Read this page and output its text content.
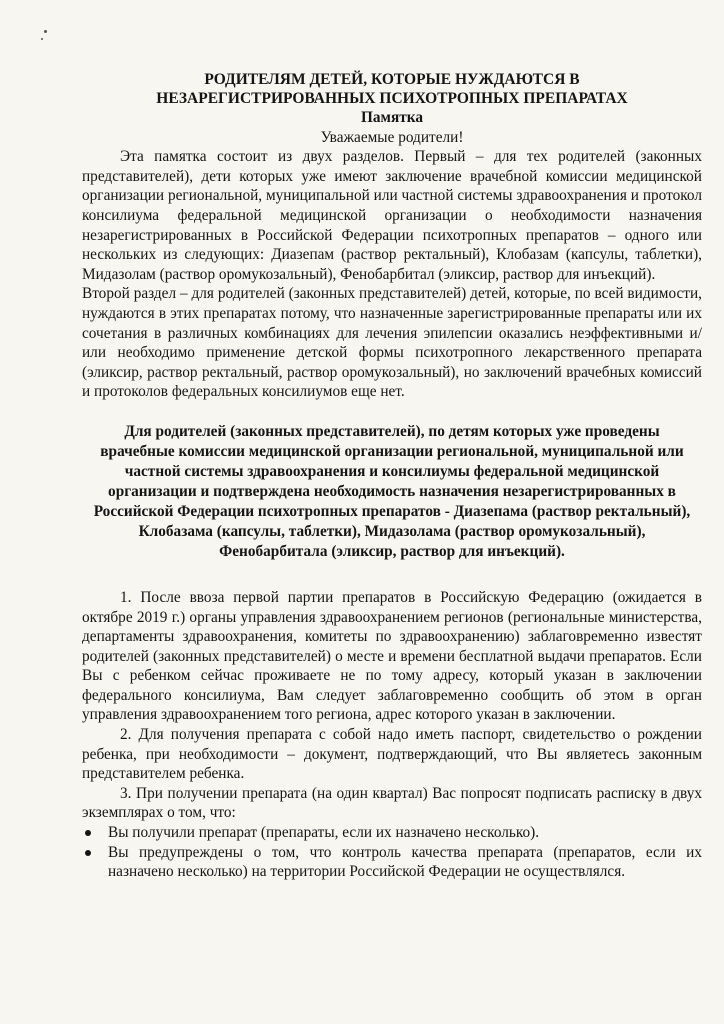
РОДИТЕЛЯМ ДЕТЕЙ, КОТОРЫЕ НУЖДАЮТСЯ В
НЕЗАРЕГИСТРИРОВАННЫХ ПСИХОТРОПНЫХ ПРЕПАРАТАХ
Памятка
Уважаемые родители!

Эта памятка состоит из двух разделов. Первый – для тех родителей (законных представителей), дети которых уже имеют заключение врачебной комиссии медицинской организации региональной, муниципальной или частной системы здравоохранения и протокол консилиума федеральной медицинской организации о необходимости назначения незарегистрированных в Российской Федерации психотропных препаратов – одного или нескольких из следующих: Диазепам (раствор ректальный), Клобазам (капсулы, таблетки), Мидазолам (раствор оромукозальный), Фенобарбитал (эликсир, раствор для инъекций).

Второй раздел – для родителей (законных представителей) детей, которые, по всей видимости, нуждаются в этих препаратах потому, что назначенные зарегистрированные препараты или их сочетания в различных комбинациях для лечения эпилепсии оказались неэффективными и/или необходимо применение детской формы психотропного лекарственного препарата (эликсир, раствор ректальный, раствор оромукозальный), но заключений врачебных комиссий и протоколов федеральных консилиумов еще нет.

Для родителей (законных представителей), по детям которых уже проведены врачебные комиссии медицинской организации региональной, муниципальной или частной системы здравоохранения и консилиумы федеральной медицинской организации и подтверждена необходимость назначения незарегистрированных в Российской Федерации психотропных препаратов - Диазепама (раствор ректальный), Клобазама (капсулы, таблетки), Мидазолама (раствор оромукозальный), Фенобарбитала (эликсир, раствор для инъекций).

1. После ввоза первой партии препаратов в Российскую Федерацию (ожидается в октябре 2019 г.) органы управления здравоохранением регионов (региональные министерства, департаменты здравоохранения, комитеты по здравоохранению) заблаговременно известят родителей (законных представителей) о месте и времени бесплатной выдачи препаратов. Если Вы с ребенком сейчас проживаете не по тому адресу, который указан в заключении федерального консилиума, Вам следует заблаговременно сообщить об этом в орган управления здравоохранением того региона, адрес которого указан в заключении.

2. Для получения препарата с собой надо иметь паспорт, свидетельство о рождении ребенка, при необходимости – документ, подтверждающий, что Вы являетесь законным представителем ребенка.

3. При получении препарата (на один квартал) Вас попросят подписать расписку в двух экземплярах о том, что:

Вы получили препарат (препараты, если их назначено несколько).
Вы предупреждены о том, что контроль качества препарата (препаратов, если их назначено несколько) на территории Российской Федерации не осуществлялся.
